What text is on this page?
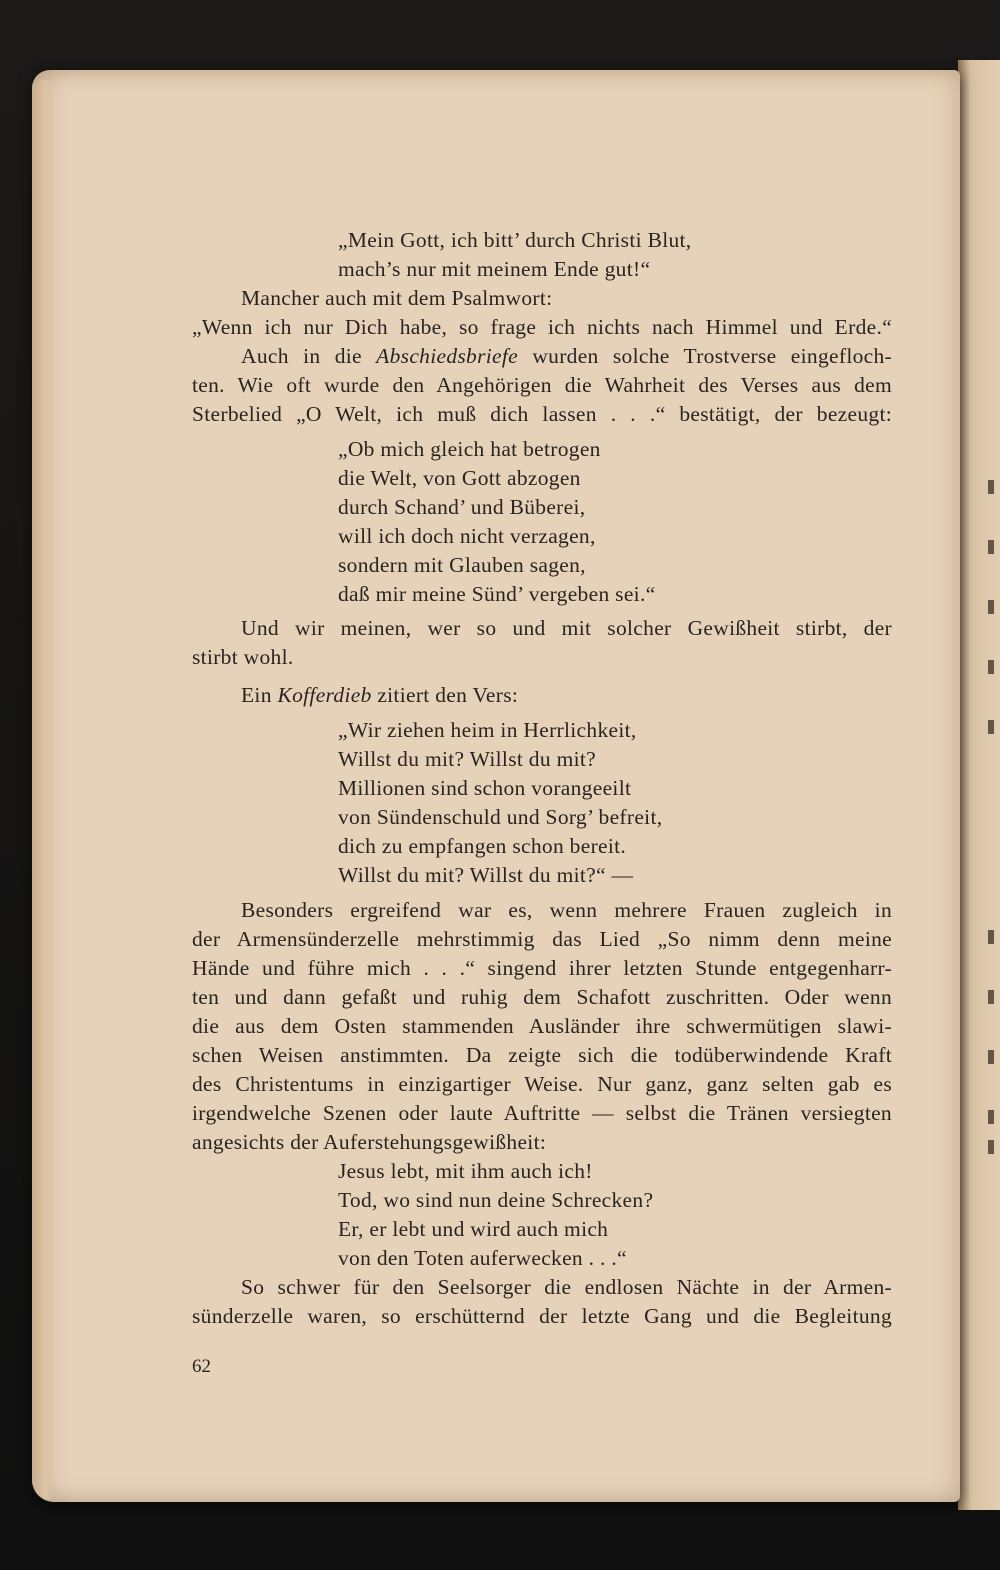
„Mein Gott, ich bitt’ durch Christi Blut,
mach’s nur mit meinem Ende gut!“
Mancher auch mit dem Psalmwort:
„Wenn ich nur Dich habe, so frage ich nichts nach Himmel und Erde.“
Auch in die Abschiedsbriefe wurden solche Trostverse eingefloch-
ten. Wie oft wurde den Angehörigen die Wahrheit des Verses aus dem
Sterbelied „O Welt, ich muß dich lassen . . .“ bestätigt, der bezeugt:
„Ob mich gleich hat betrogen
die Welt, von Gott abzogen
durch Schand’ und Büberei,
will ich doch nicht verzagen,
sondern mit Glauben sagen,
daß mir meine Sünd’ vergeben sei.“
Und wir meinen, wer so und mit solcher Gewißheit stirbt, der
stirbt wohl.
Ein Kofferdieb zitiert den Vers:
„Wir ziehen heim in Herrlichkeit,
Willst du mit? Willst du mit?
Millionen sind schon vorangeeilt
von Sündenschuld und Sorg’ befreit,
dich zu empfangen schon bereit.
Willst du mit? Willst du mit?“ —
Besonders ergreifend war es, wenn mehrere Frauen zugleich in
der Armensünderzelle mehrstimmig das Lied „So nimm denn meine
Hände und führe mich . . .“ singend ihrer letzten Stunde entgegenharr-
ten und dann gefaßt und ruhig dem Schafott zuschritten. Oder wenn
die aus dem Osten stammenden Ausländer ihre schwermütigen slawi-
schen Weisen anstimmten. Da zeigte sich die todüberwindende Kraft
des Christentums in einzigartiger Weise. Nur ganz, ganz selten gab es
irgendwelche Szenen oder laute Auftritte — selbst die Tränen versiegten
angesichts der Auferstehungsgewißheit:
Jesus lebt, mit ihm auch ich!
Tod, wo sind nun deine Schrecken?
Er, er lebt und wird auch mich
von den Toten auferwecken . . .“
So schwer für den Seelsorger die endlosen Nächte in der Armen-
sünderzelle waren, so erschütternd der letzte Gang und die Begleitung
62
